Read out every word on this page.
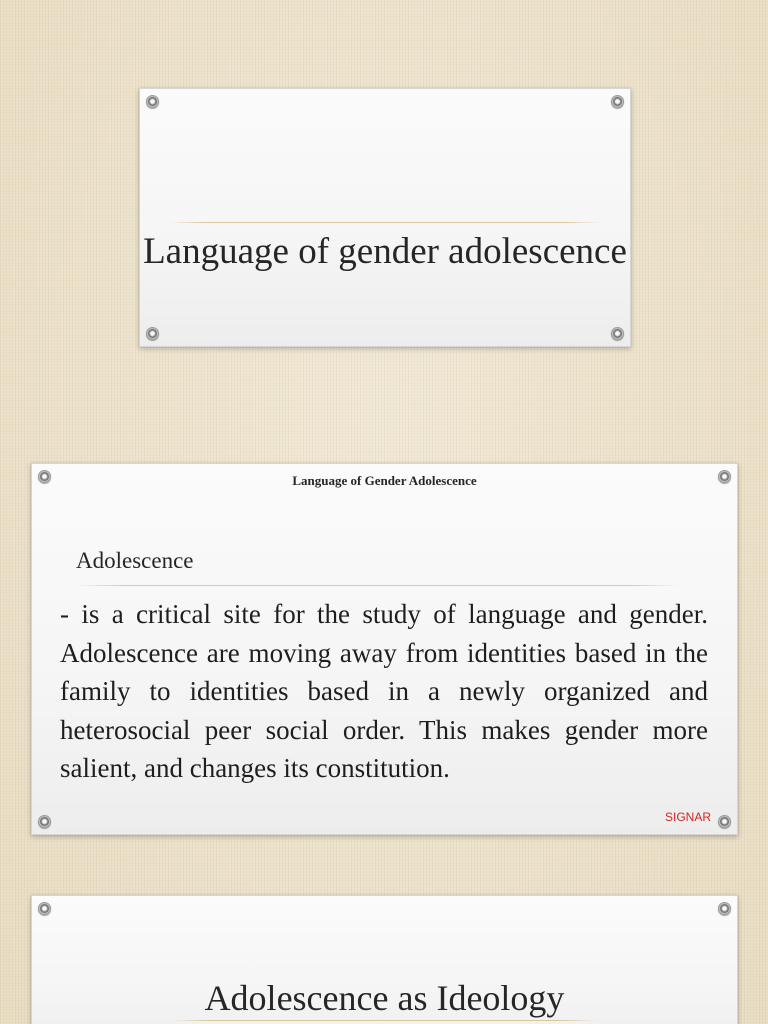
Language of gender adolescence
Language of Gender Adolescence
Adolescence
- is a critical site for the study of language and gender. Adolescence are moving away from identities based in the family to identities based in a newly organized and heterosocial peer social order. This makes gender more salient, and changes its constitution.
SIGNAR
Adolescence as Ideology
